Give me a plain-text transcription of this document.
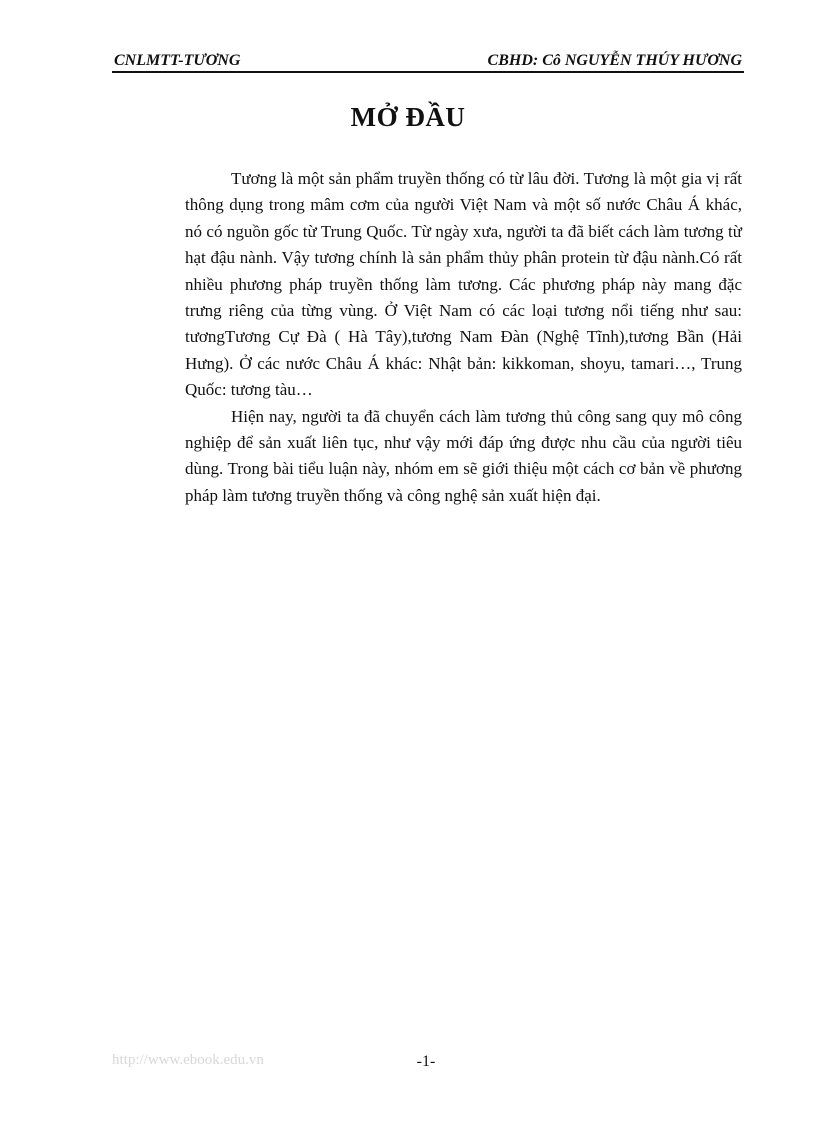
CNLMTT-TƯƠNG	CBHD: Cô NGUYỄN THÚY HƯƠNG
MỞ ĐẦU

Tương là một sản phẩm truyền thống có từ lâu đời. Tương là một gia vị rất thông dụng trong mâm cơm của người Việt Nam và một số nước Châu Á khác, nó có nguồn gốc từ Trung Quốc. Từ ngày xưa, người ta đã biết cách làm tương từ hạt đậu nành. Vậy tương chính là sản phẩm thủy phân protein từ đậu nành.Có rất nhiều phương pháp truyền thống làm tương. Các phương pháp này mang đặc trưng riêng của từng vùng. Ở Việt Nam có các loại tương nổi tiếng như sau: tươngTương Cự Đà ( Hà Tây),tương Nam Đàn (Nghệ Tĩnh),tương Bần (Hải Hưng). Ở các nước Châu Á khác: Nhật bản: kikkoman, shoyu, tamari…, Trung Quốc: tương tàu…

Hiện nay, người ta đã chuyển cách làm tương thủ công sang quy mô công nghiệp để sản xuất liên tục, như vậy mới đáp ứng được nhu cầu của người tiêu dùng. Trong bài tiểu luận này, nhóm em sẽ giới thiệu một cách cơ bản về phương pháp làm tương truyền thống và công nghệ sản xuất hiện đại.

http://www.ebook.edu.vn	-1-
